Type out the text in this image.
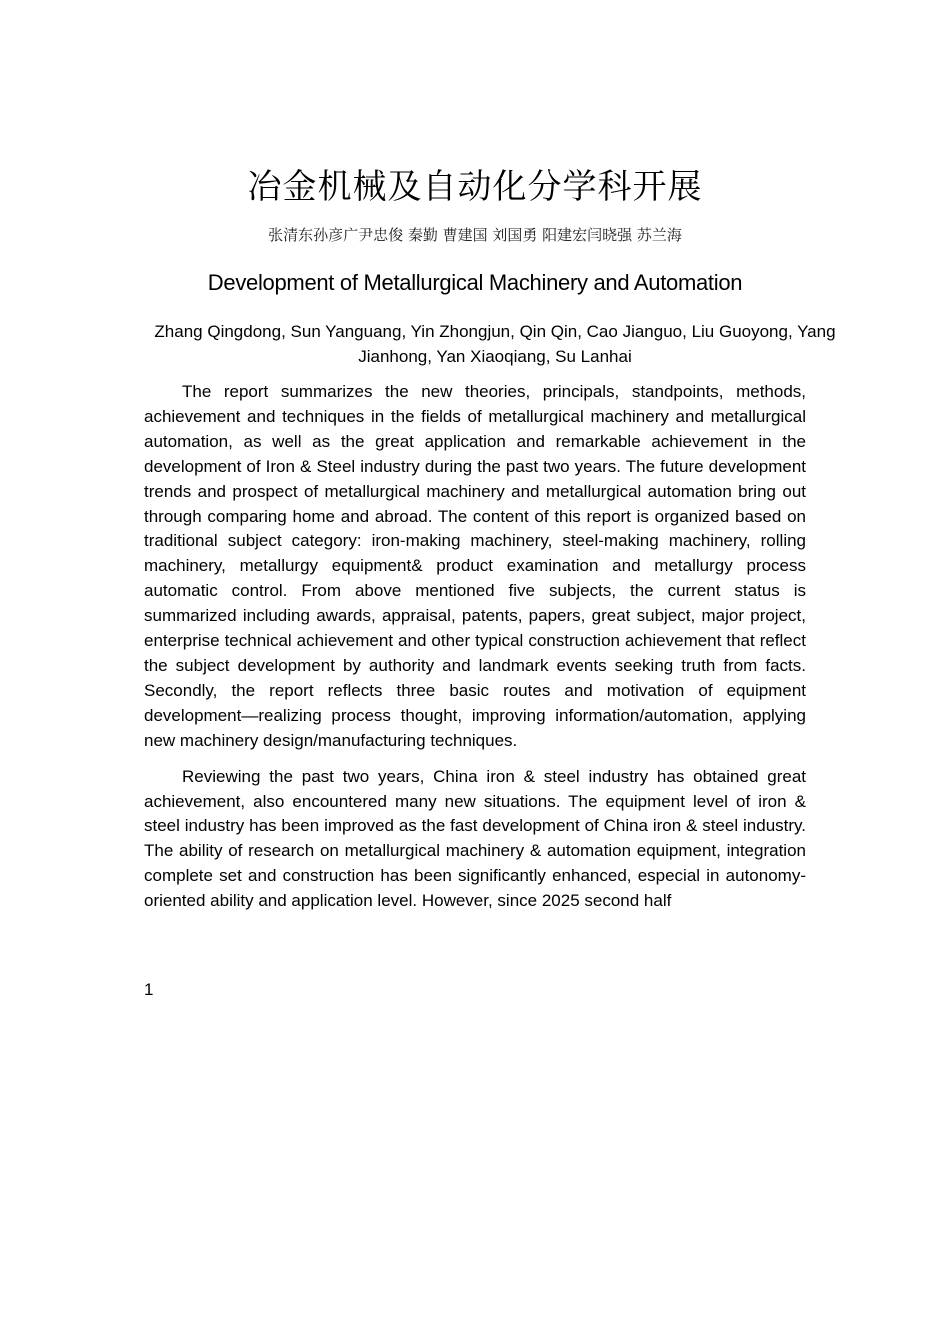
冶金机械及自动化分学科开展
张清东孙彦广尹忠俊 秦勤 曹建国 刘国勇 阳建宏闫晓强 苏兰海
Development of Metallurgical Machinery and Automation
Zhang Qingdong, Sun Yanguang, Yin Zhongjun, Qin Qin, Cao Jianguo, Liu Guoyong, Yang Jianhong, Yan Xiaoqiang, Su Lanhai

The report summarizes the new theories, principals, standpoints, methods, achievement and techniques in the fields of metallurgical machinery and metallurgical automation, as well as the great application and remarkable achievement in the development of Iron & Steel industry during the past two years. The future development trends and prospect of metallurgical machinery and metallurgical automation bring out through comparing home and abroad. The content of this report is organized based on traditional subject category: iron-making machinery, steel-making machinery, rolling machinery, metallurgy equipment& product examination and metallurgy process automatic control. From above mentioned five subjects, the current status is summarized including awards, appraisal, patents, papers, great subject, major project, enterprise technical achievement and other typical construction achievement that reflect the subject development by authority and landmark events seeking truth from facts. Secondly, the report reflects three basic routes and motivation of equipment development—realizing process thought, improving information/automation, applying new machinery design/manufacturing techniques.

Reviewing the past two years, China iron & steel industry has obtained great achievement, also encountered many new situations. The equipment level of iron & steel industry has been improved as the fast development of China iron & steel industry. The ability of research on metallurgical machinery & automation equipment, integration complete set and construction has been significantly enhanced, especial in autonomy-oriented ability and application level. However, since 2025 second half

1
